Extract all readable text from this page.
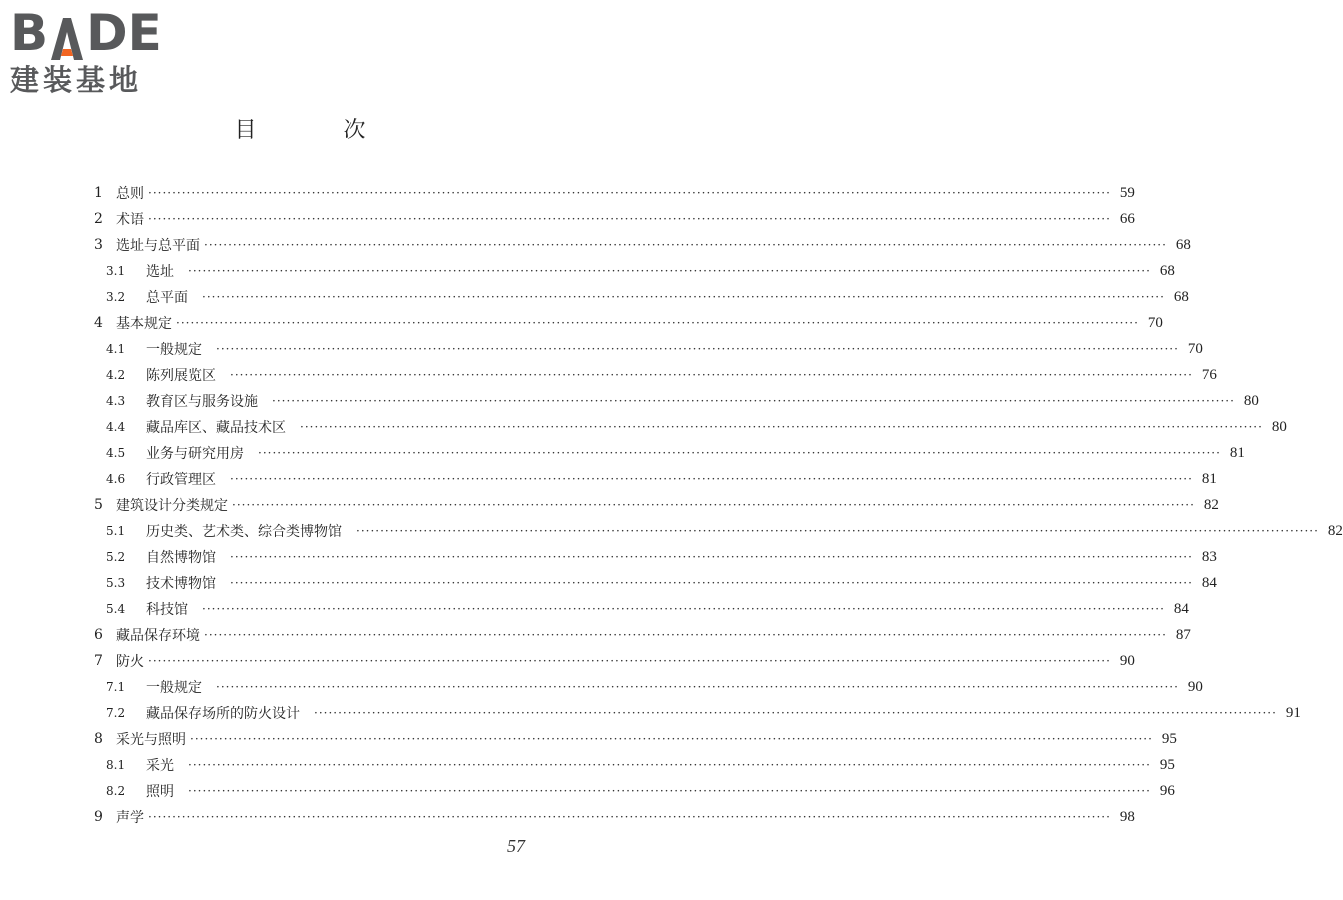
B DE
建装基地
目 次
1 总则 ········································································································································································································ 59
2 术语 ········································································································································································································ 66
3 选址与总平面 ········································································································································································································ 68
3.1	选址 ········································································································································································································ 68
3.2	总平面 ········································································································································································································ 68
4 基本规定 ········································································································································································································ 70
4.1	一般规定 ········································································································································································································ 70
4.2	陈列展览区 ········································································································································································································ 76
4.3	教育区与服务设施 ········································································································································································································ 80
4.4	藏品库区、藏品技术区 ········································································································································································································ 80
4.5	业务与研究用房 ········································································································································································································ 81
4.6	行政管理区 ········································································································································································································ 81
5 建筑设计分类规定 ········································································································································································································ 82
5.1	历史类、艺术类、综合类博物馆 ········································································································································································································ 82
5.2	自然博物馆 ········································································································································································································ 83
5.3	技术博物馆 ········································································································································································································ 84
5.4	科技馆 ········································································································································································································ 84
6 藏品保存环境 ········································································································································································································ 87
7 防火 ········································································································································································································ 90
7.1	一般规定 ········································································································································································································ 90
7.2	藏品保存场所的防火设计 ········································································································································································································ 91
8 采光与照明 ········································································································································································································ 95
8.1	采光 ········································································································································································································ 95
8.2	照明 ········································································································································································································ 96
9 声学 ········································································································································································································ 98
57
